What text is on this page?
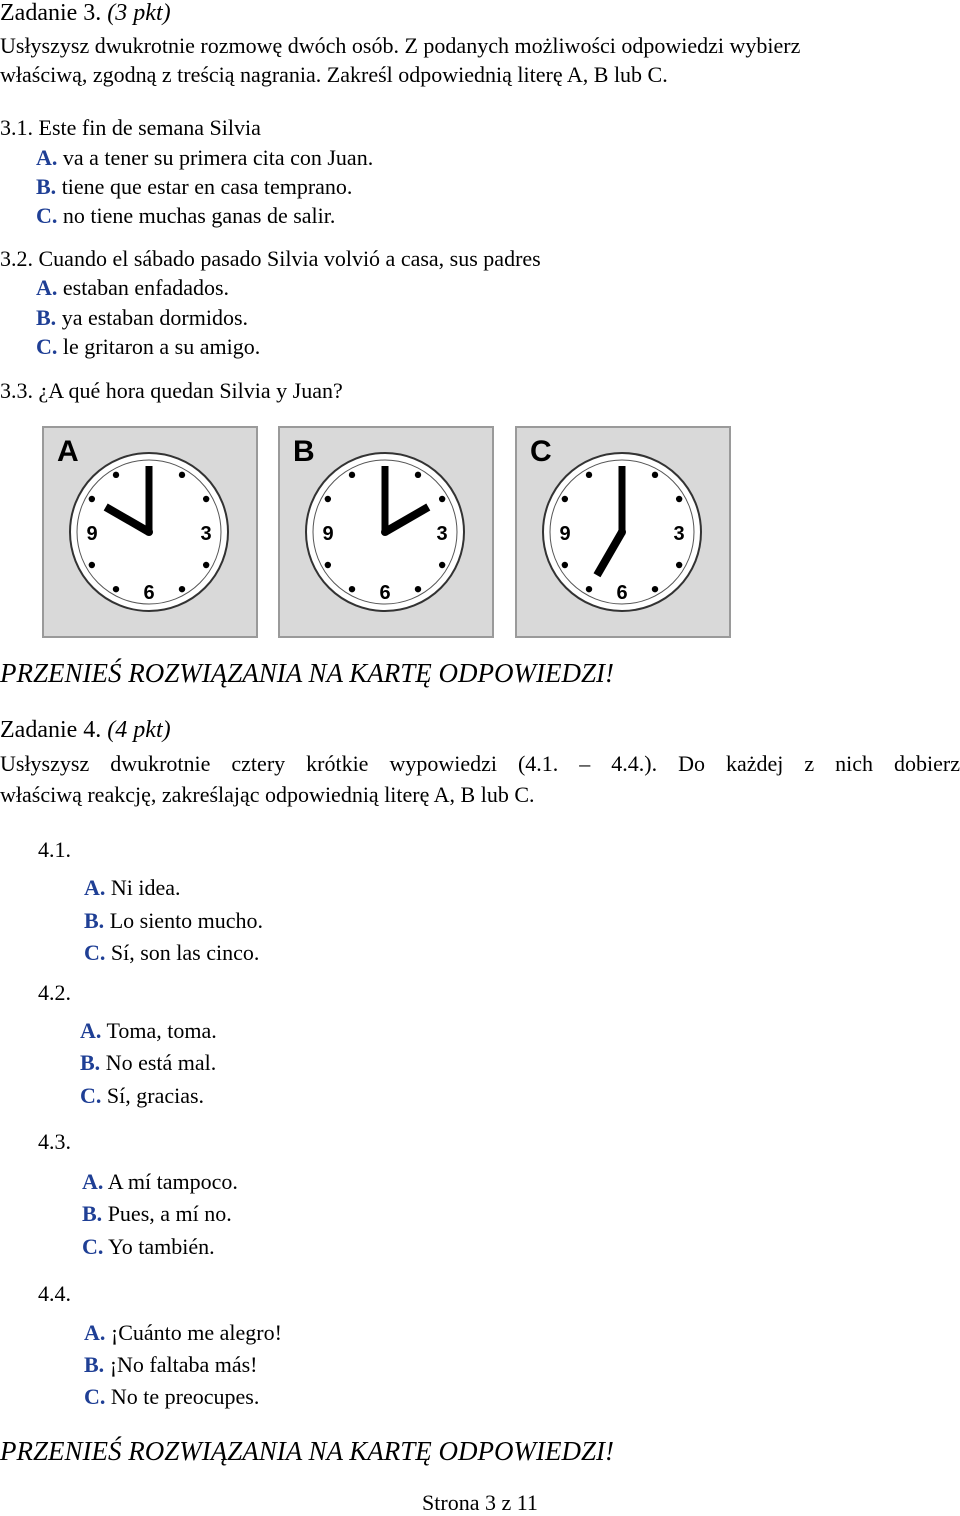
Zadanie 3. (3 pkt)
Usłyszysz dwukrotnie rozmowę dwóch osób. Z podanych możliwości odpowiedzi wybierz
właściwą, zgodną z treścią nagrania. Zakreśl odpowiednią literę A, B lub C.
3.1. Este fin de semana Silvia
A. va a tener su primera cita con Juan.
B. tiene que estar en casa temprano.
C. no tiene muchas ganas de salir.
3.2. Cuando el sábado pasado Silvia volvió a casa, sus padres
A. estaban enfadados.
B. ya estaban dormidos.
C. le gritaron a su amigo.
3.3. ¿A qué hora quedan Silvia y Juan?
A
9	3
6
B
9	3
6
C
9	3
6
PRZENIEŚ ROZWIĄZANIA NA KARTĘ ODPOWIEDZI!
Zadanie 4. (4 pkt)
Usłyszysz dwukrotnie cztery krótkie wypowiedzi (4.1. – 4.4.). Do każdej z nich dobierz
właściwą reakcję, zakreślając odpowiednią literę A, B lub C.
4.1.
A. Ni idea.
B. Lo siento mucho.
C. Sí, son las cinco.
4.2.
A. Toma, toma.
B. No está mal.
C. Sí, gracias.
4.3.
A. A mí tampoco.
B. Pues, a mí no.
C. Yo también.
4.4.
A. ¡Cuánto me alegro!
B. ¡No faltaba más!
C. No te preocupes.
PRZENIEŚ ROZWIĄZANIA NA KARTĘ ODPOWIEDZI!
Strona 3 z 11
